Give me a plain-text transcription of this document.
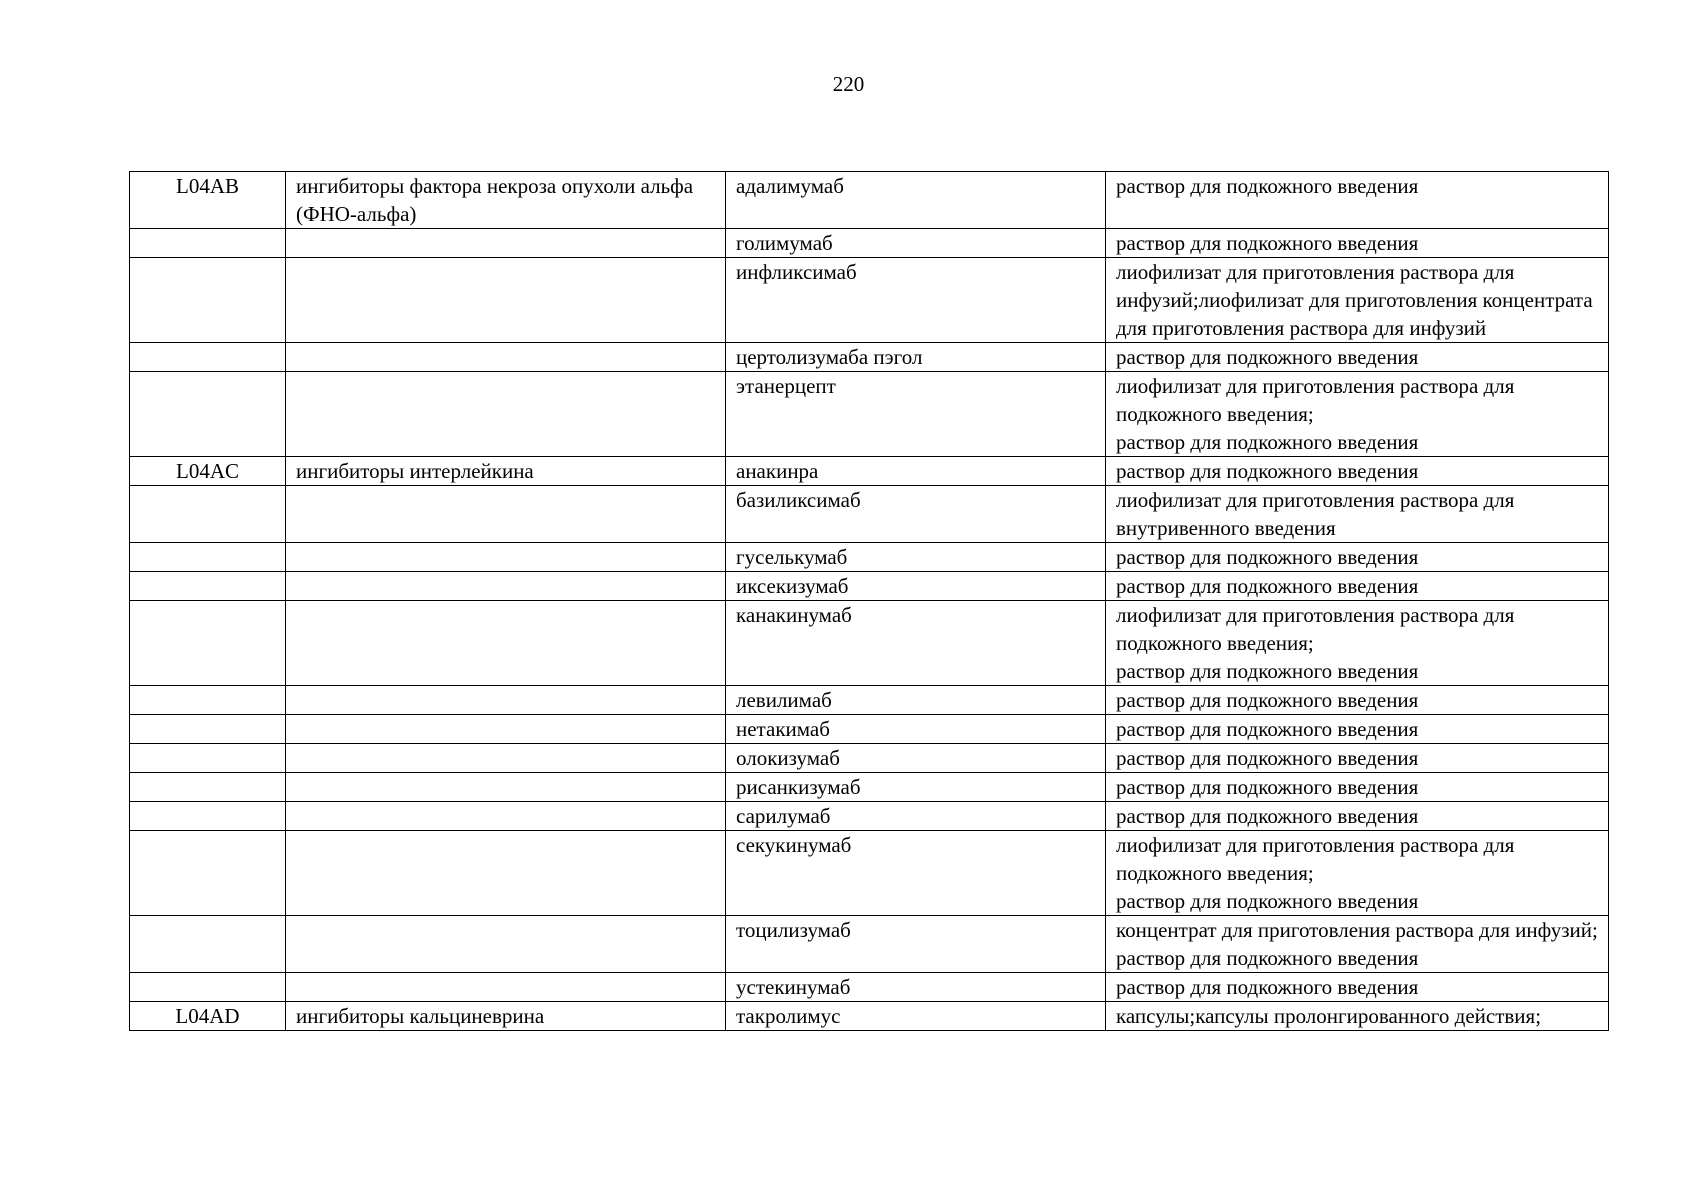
220
L04AB	ингибиторы фактора некроза опухоли альфа (ФНО-альфа)	адалимумаб	раствор для подкожного введения

		голимумаб	раствор для подкожного введения

		инфликсимаб	лиофилизат для приготовления раствора для инфузий;лиофилизат для приготовления концентрата для приготовления раствора для инфузий

		цертолизумаба пэгол	раствор для подкожного введения

		этанерцепт	лиофилизат для приготовления раствора для подкожного введения;
раствор для подкожного введения

L04AC	ингибиторы интерлейкина	анакинра	раствор для подкожного введения

		базиликсимаб	лиофилизат для приготовления раствора для внутривенного введения

		гуселькумаб	раствор для подкожного введения

		иксекизумаб	раствор для подкожного введения

		канакинумаб	лиофилизат для приготовления раствора для подкожного введения;
раствор для подкожного введения

		левилимаб	раствор для подкожного введения

		нетакимаб	раствор для подкожного введения

		олокизумаб	раствор для подкожного введения

		рисанкизумаб	раствор для подкожного введения

		сарилумаб	раствор для подкожного введения

		секукинумаб	лиофилизат для приготовления раствора для подкожного введения;
раствор для подкожного введения

		тоцилизумаб	концентрат для приготовления раствора для инфузий;
раствор для подкожного введения

		устекинумаб	раствор для подкожного введения

L04AD	ингибиторы кальциневрина	такролимус	капсулы;капсулы пролонгированного действия;
